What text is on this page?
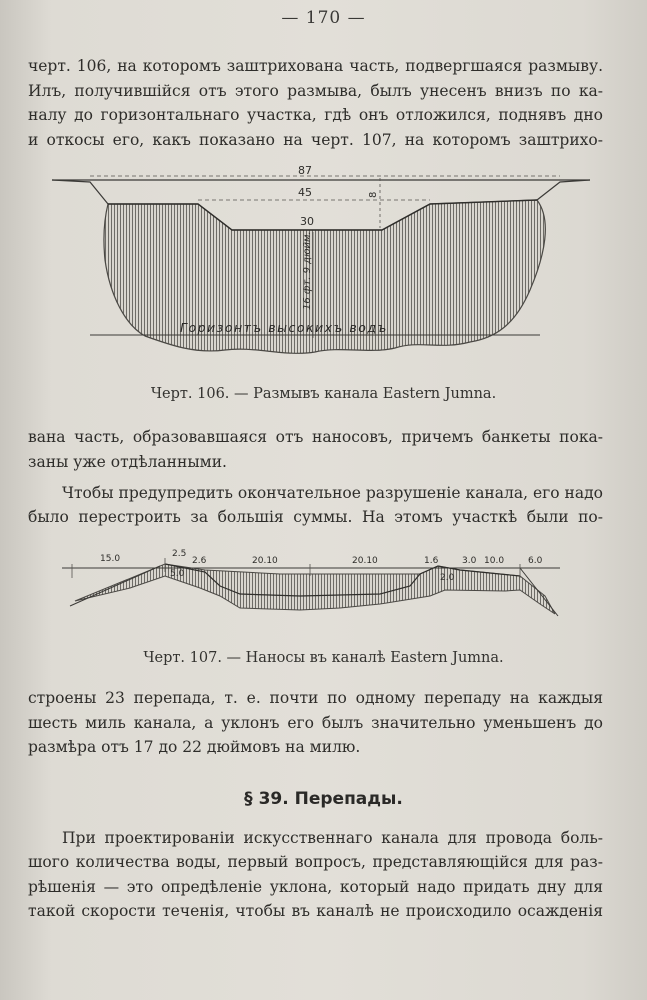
— 170 —
черт. 106, на которомъ заштрихована часть, подвергшаяся размыву.
Илъ, получившійся отъ этого размыва, былъ унесенъ внизъ по ка-
налу до горизонтальнаго участка, гдѣ онъ отложился, поднявъ дно
и откосы его, какъ показано на черт. 107, на которомъ заштрихо-
87
45
30
8
16 фт. 9 дюйм.
Горизонтъ высокихъ водъ
Черт. 106. — Размывъ канала Eastern Jumna.
вана часть, образовавшаяся отъ наносовъ, причемъ банкеты пока-
заны уже отдѣланными.
Чтобы предупредить окончательное разрушеніе канала, его надо
было перестроить за большія суммы. На этомъ участкѣ были по-
15.0	2.5
5.0
2.6	20.10	20.10	1.6
2.0
3.0 10.0	6.0
Черт. 107. — Наносы въ каналѣ Eastern Jumna.
строены 23 перепада, т. е. почти по одному перепаду на каждыя
шесть миль канала, а уклонъ его былъ значительно уменьшенъ до
размѣра отъ 17 до 22 дюймовъ на милю.
§ 39. Перепады.
При проектированіи искусственнаго канала для провода боль-
шого количества воды, первый вопросъ, представляющійся для раз-
рѣшенія — это опредѣленіе уклона, который надо придать дну для
такой скорости теченія, чтобы въ каналѣ не происходило осажденія
